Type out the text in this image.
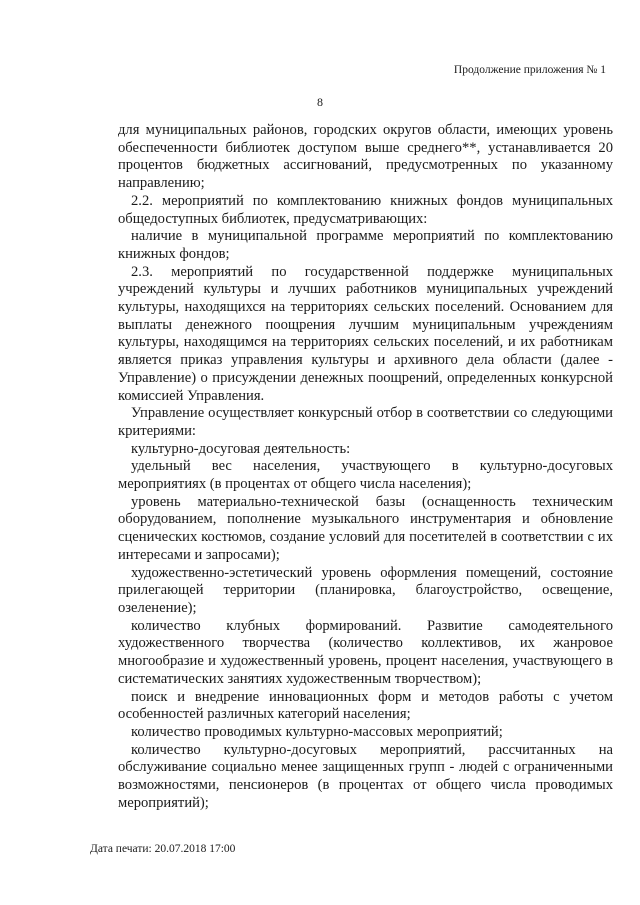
Продолжение приложения № 1
8

для муниципальных районов, городских округов области, имеющих уровень обеспеченности библиотек доступом выше среднего**, устанавливается 20 процентов бюджетных ассигнований, предусмотренных по указанному направлению;

2.2. мероприятий по комплектованию книжных фондов муниципальных общедоступных библиотек, предусматривающих:

наличие в муниципальной программе мероприятий по комплектованию книжных фондов;

2.3. мероприятий по государственной поддержке муниципальных учреждений культуры и лучших работников муниципальных учреждений культуры, находящихся на территориях сельских поселений. Основанием для выплаты денежного поощрения лучшим муниципальным учреждениям культуры, находящимся на территориях сельских поселений, и их работникам является приказ управления культуры и архивного дела области (далее - Управление) о присуждении денежных поощрений, определенных конкурсной комиссией Управления.

Управление осуществляет конкурсный отбор в соответствии со следующими критериями:

культурно-досуговая деятельность:

удельный вес населения, участвующего в культурно-досуговых мероприятиях (в процентах от общего числа населения);

уровень материально-технической базы (оснащенность техническим оборудованием, пополнение музыкального инструментария и обновление сценических костюмов, создание условий для посетителей в соответствии с их интересами и запросами);

художественно-эстетический уровень оформления помещений, состояние прилегающей территории (планировка, благоустройство, освещение, озеленение);

количество клубных формирований. Развитие самодеятельного художественного творчества (количество коллективов, их жанровое многообразие и художественный уровень, процент населения, участвующего в систематических занятиях художественным творчеством);

поиск и внедрение инновационных форм и методов работы с учетом особенностей различных категорий населения;

количество проводимых культурно-массовых мероприятий;

количество культурно-досуговых мероприятий, рассчитанных на обслуживание социально менее защищенных групп - людей с ограниченными возможностями, пенсионеров (в процентах от общего числа проводимых мероприятий);

Дата печати: 20.07.2018 17:00
